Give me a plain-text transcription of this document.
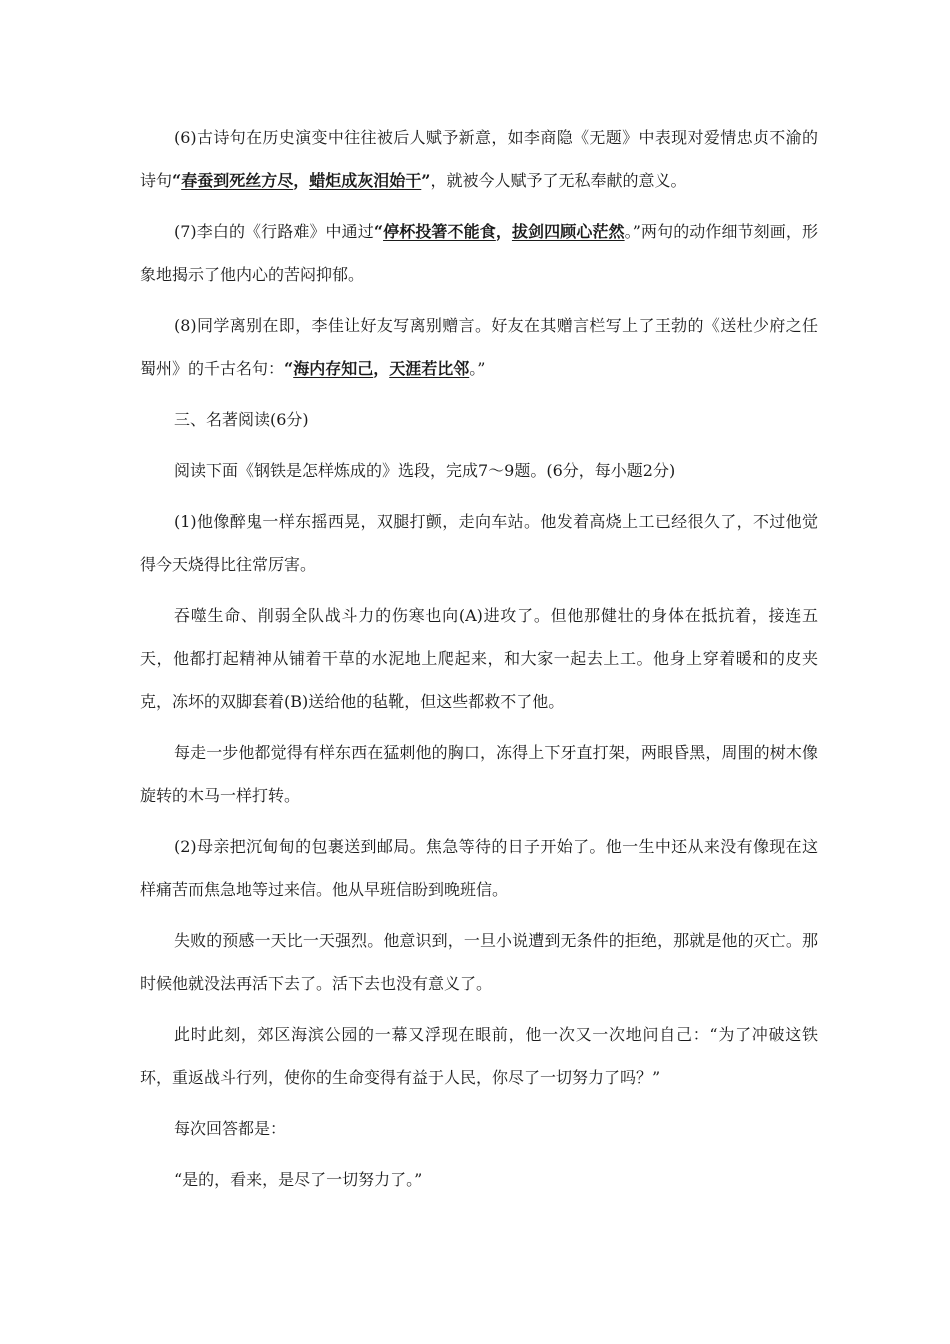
(6)古诗句在历史演变中往往被后人赋予新意，如李商隐《无题》中表现对爱情忠贞不渝的诗句“春蚕到死丝方尽，蜡炬成灰泪始干”，就被今人赋予了无私奉献的意义。

(7)李白的《行路难》中通过“停杯投箸不能食，拔剑四顾心茫然。”两句的动作细节刻画，形象地揭示了他内心的苦闷抑郁。

(8)同学离别在即，李佳让好友写离别赠言。好友在其赠言栏写上了王勃的《送杜少府之任蜀州》的千古名句：“海内存知己，天涯若比邻。”

三、名著阅读(6分)

阅读下面《钢铁是怎样炼成的》选段，完成7～9题。(6分，每小题2分)

(1)他像醉鬼一样东摇西晃，双腿打颤，走向车站。他发着高烧上工已经很久了，不过他觉得今天烧得比往常厉害。

吞噬生命、削弱全队战斗力的伤寒也向(A)进攻了。但他那健壮的身体在抵抗着，接连五天，他都打起精神从铺着干草的水泥地上爬起来，和大家一起去上工。他身上穿着暖和的皮夹克，冻坏的双脚套着(B)送给他的毡靴，但这些都救不了他。

每走一步他都觉得有样东西在猛刺他的胸口，冻得上下牙直打架，两眼昏黑，周围的树木像旋转的木马一样打转。

(2)母亲把沉甸甸的包裹送到邮局。焦急等待的日子开始了。他一生中还从来没有像现在这样痛苦而焦急地等过来信。他从早班信盼到晚班信。

失败的预感一天比一天强烈。他意识到，一旦小说遭到无条件的拒绝，那就是他的灭亡。那时候他就没法再活下去了。活下去也没有意义了。

此时此刻，郊区海滨公园的一幕又浮现在眼前，他一次又一次地问自己：“为了冲破这铁环，重返战斗行列，使你的生命变得有益于人民，你尽了一切努力了吗？”

每次回答都是：

“是的，看来，是尽了一切努力了。”
